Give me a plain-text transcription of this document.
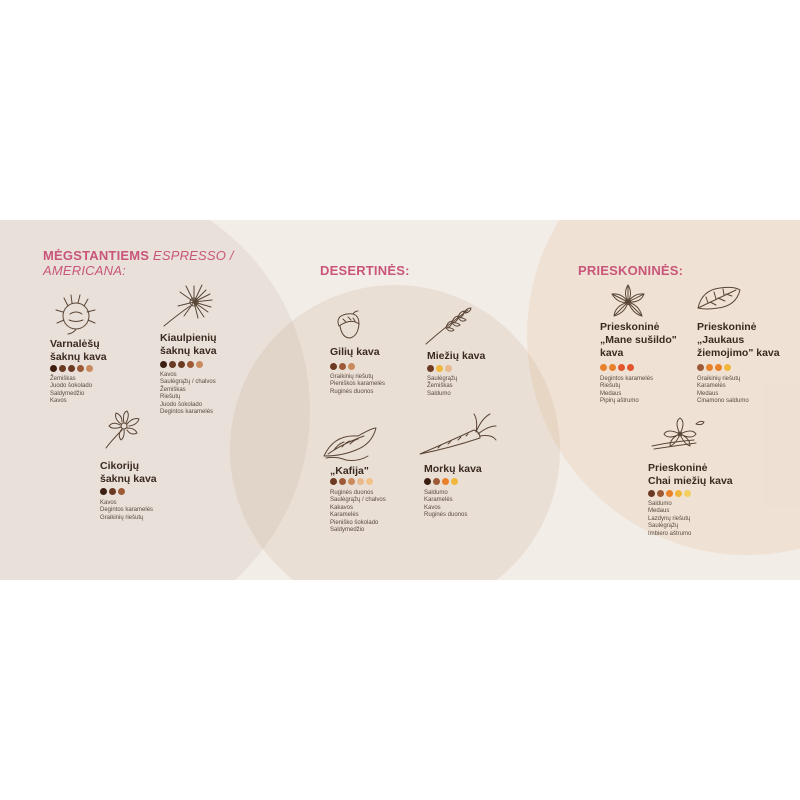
MĖGSTANTIEMS ESPRESSO /
AMERICANA:	DESERTINĖS:	PRIESKONINĖS:
Varnalėšų
šaknų kava
Žemiškas
Juodo šokolado
Saldymedžio
Kavos
Kiaulpienių
šaknų kava
Kavos
Saulėgrąžų / chalvos
Žemiškas
Riešutų
Juodo šokolado
Degintos karamelės
Cikorijų
šaknų kava
Kavos
Degintos karamelės
Graikinių riešutų
Gilių kava
Graikinių riešutų
Pieniškos karamelės
Ruginės duonos
Miežių kava
Saulėgrąžų
Žemiškas
Saldumo
„Kafija"
Ruginės duonos
Saulėgrąžų / chalvos
Kakavos
Karamelės
Pieniško šokolado
Saldymedžio
Morkų kava
Saldumo
Karamelės
Kavos
Ruginės duonos
Prieskoninė
„Mane sušildo"
kava
Degintos karamelės
Riešutų
Medaus
Pipirų aštrumo
Prieskoninė
„Jaukaus
žiemojimo" kava
Graikinių riešutų
Karamelės
Medaus
Cinamono saldumo
Prieskoninė
Chai miežių kava
Saldumo
Medaus
Lazdynų riešutų
Saulėgrąžų
Imbiero aštrumo
